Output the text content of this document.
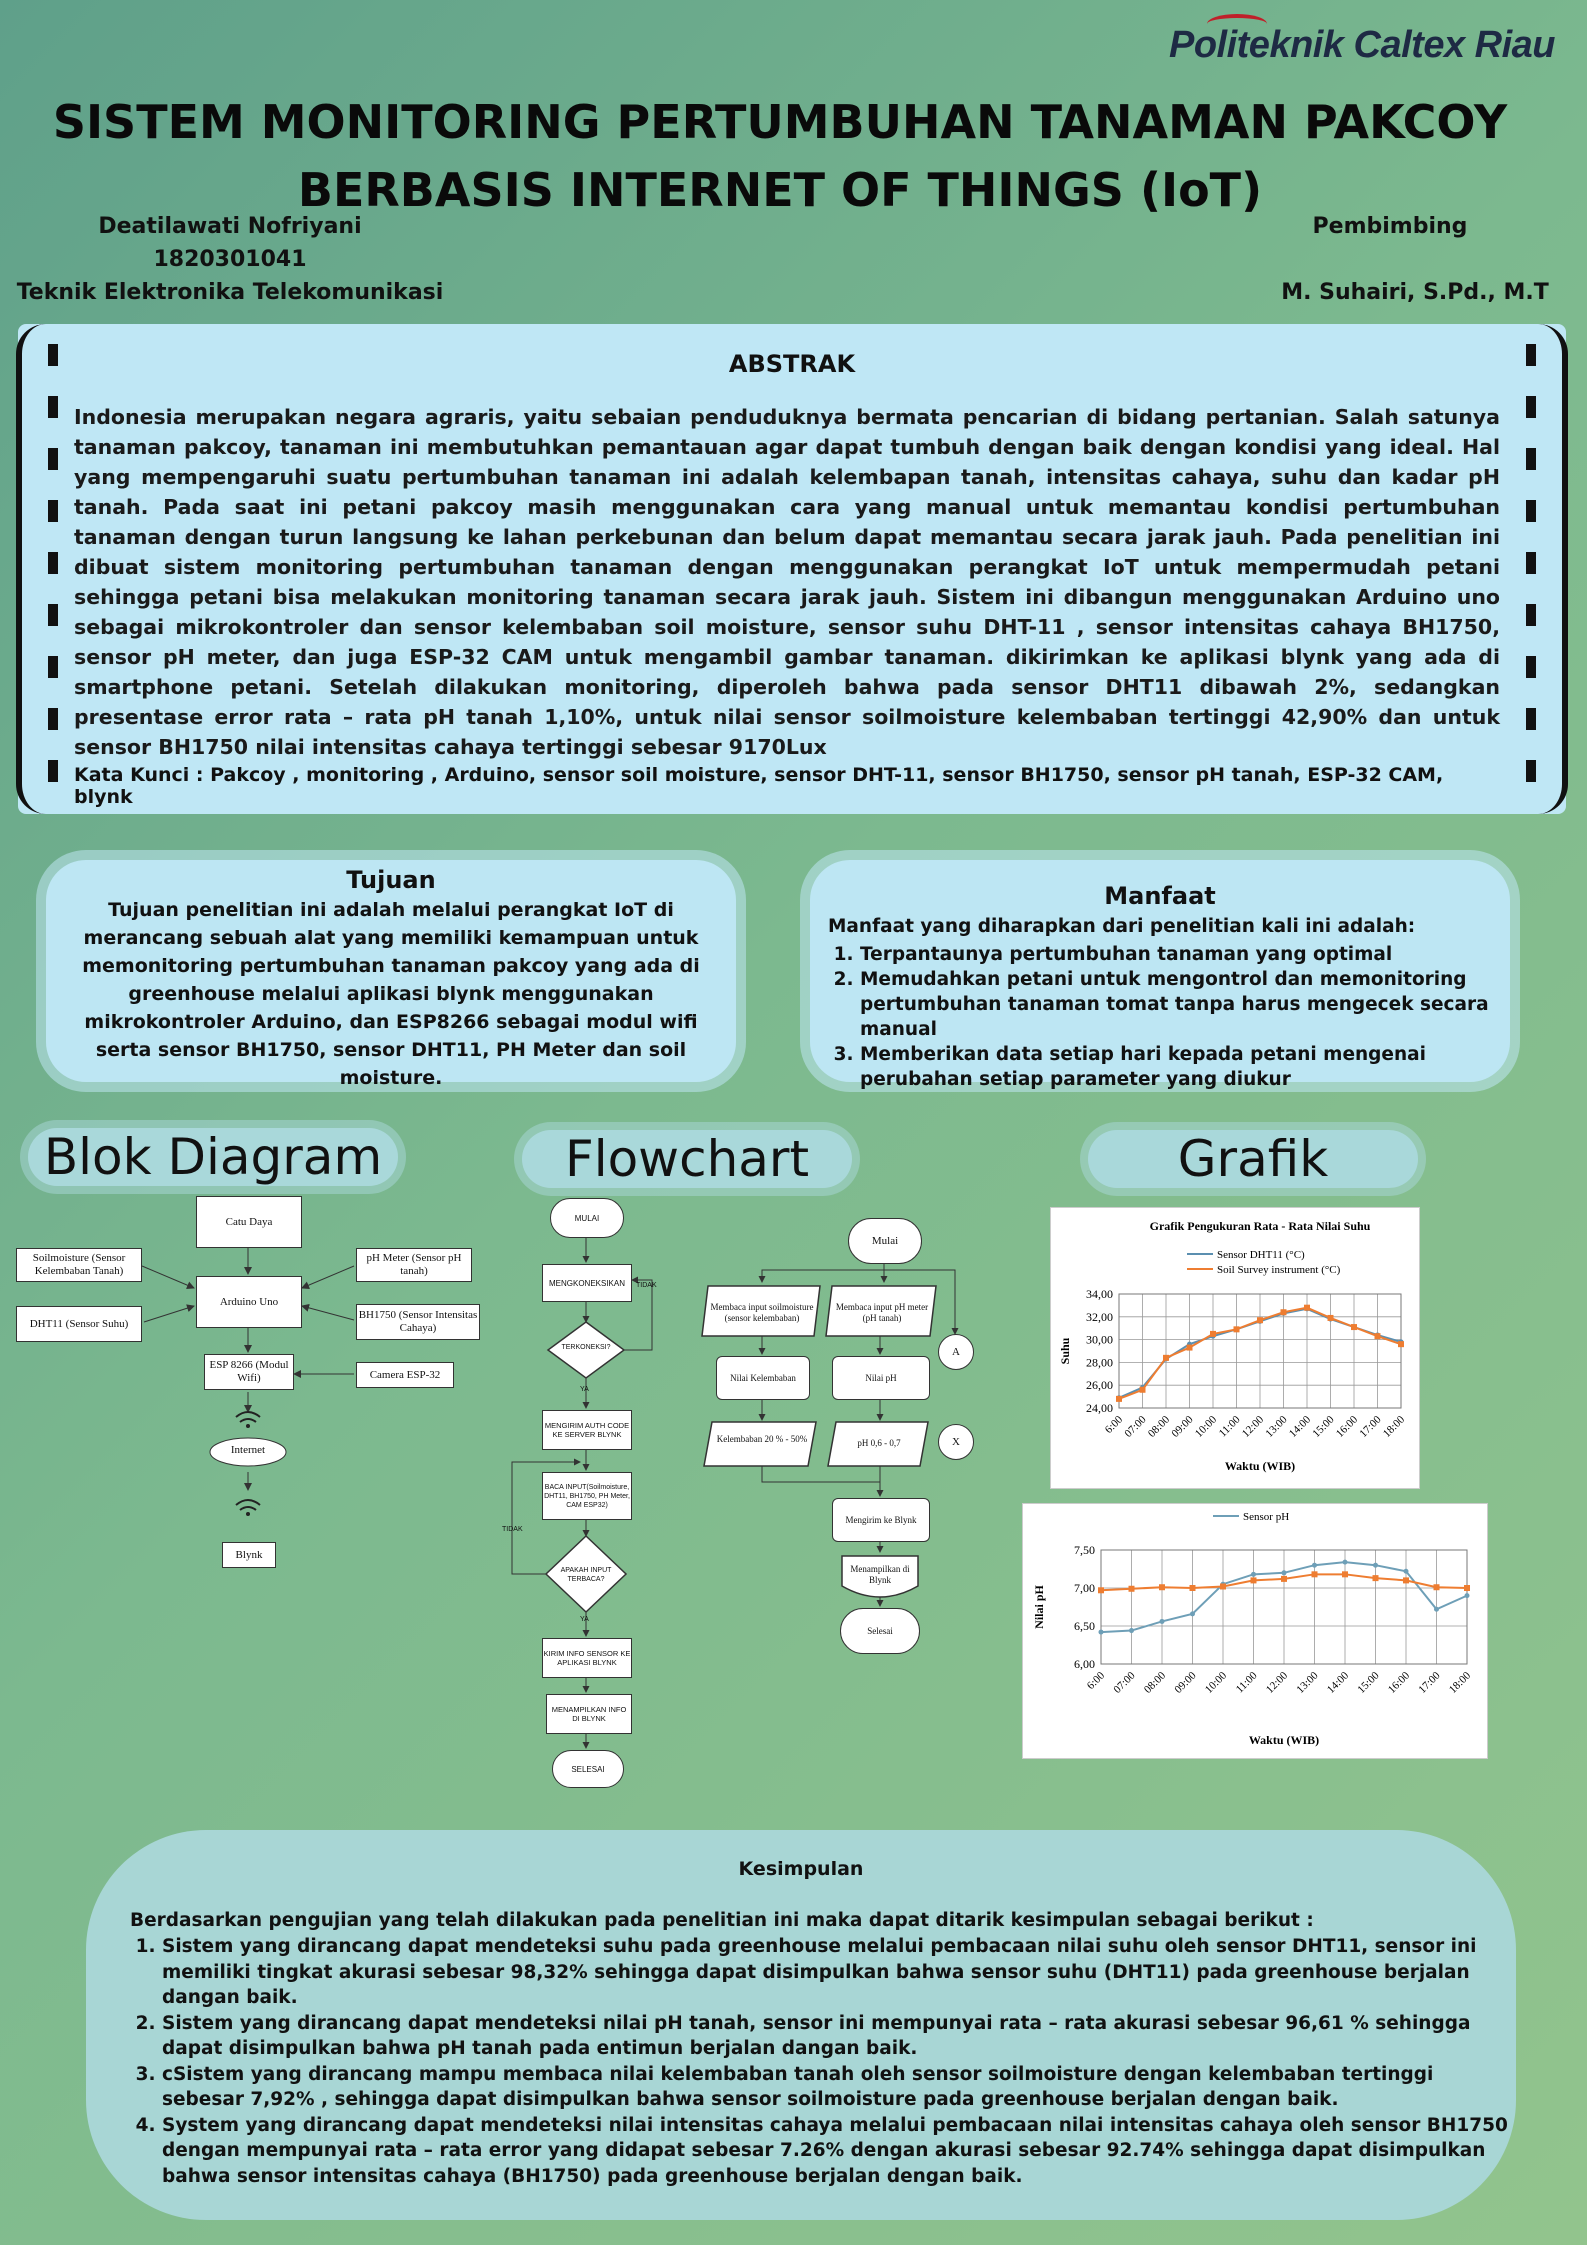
Politeknik Caltex Riau
SISTEM MONITORING PERTUMBUHAN TANAMAN PAKCOY
BERBASIS INTERNET OF THINGS (IoT)
Deatilawati Nofriyani
1820301041
Teknik Elektronika Telekomunikasi
Pembimbing
M. Suhairi, S.Pd., M.T
ABSTRAK
Indonesia merupakan negara agraris, yaitu sebaian penduduknya bermata pencarian di bidang pertanian. Salah satunya tanaman pakcoy, tanaman ini membutuhkan pemantauan agar dapat tumbuh dengan baik dengan kondisi yang ideal. Hal yang mempengaruhi suatu pertumbuhan tanaman ini adalah kelembapan tanah, intensitas cahaya, suhu dan kadar pH tanah. Pada saat ini petani pakcoy masih menggunakan cara yang manual untuk memantau kondisi pertumbuhan tanaman dengan turun langsung ke lahan perkebunan dan belum dapat memantau secara jarak jauh. Pada penelitian ini dibuat sistem monitoring pertumbuhan tanaman dengan menggunakan perangkat IoT untuk mempermudah petani sehingga petani bisa melakukan monitoring tanaman secara jarak jauh. Sistem ini dibangun menggunakan Arduino uno sebagai mikrokontroler dan sensor kelembaban soil moisture, sensor suhu DHT-11 , sensor intensitas cahaya BH1750, sensor pH meter, dan juga ESP-32 CAM untuk mengambil gambar tanaman. dikirimkan ke aplikasi blynk yang ada di smartphone petani. Setelah dilakukan monitoring, diperoleh bahwa pada sensor DHT11 dibawah 2%, sedangkan presentase error rata – rata pH tanah 1,10%, untuk nilai sensor soilmoisture kelembaban tertinggi 42,90% dan untuk sensor BH1750 nilai intensitas cahaya tertinggi sebesar 9170Lux
Kata Kunci : Pakcoy , monitoring , Arduino, sensor soil moisture, sensor DHT-11, sensor BH1750, sensor pH tanah, ESP-32 CAM, blynk
Tujuan
Tujuan penelitian ini adalah melalui perangkat IoT di merancang sebuah alat yang memiliki kemampuan untuk memonitoring pertumbuhan tanaman pakcoy yang ada di greenhouse melalui aplikasi blynk menggunakan mikrokontroler Arduino, dan ESP8266 sebagai modul wifi serta sensor BH1750, sensor DHT11, PH Meter dan soil moisture.
Manfaat
Manfaat yang diharapkan dari penelitian kali ini adalah:
1. Terpantaunya pertumbuhan tanaman yang optimal
2. Memudahkan petani untuk mengontrol dan memonitoring pertumbuhan tanaman tomat tanpa harus mengecek secara manual
3. Memberikan data setiap hari kepada petani mengenai perubahan setiap parameter yang diukur
Blok Diagram	Flowchart	Grafik
Catu Daya
Soilmoisture (Sensor Kelembaban Tanah)
DHT11 (Sensor Suhu)
Arduino Uno
pH Meter (Sensor pH tanah)
BH1750 (Sensor Intensitas Cahaya)
ESP 8266 (Modul Wifi)	Camera ESP-32
Internet
Blynk
MULAI
MENGKONEKSIKAN	TIDAK
TERKONEKSI?
YA
MENGIRIM AUTH CODE KE SERVER BLYNK
BACA INPUT(Soilmoisture, DHT11, BH1750, PH Meter, CAM ESP32)
TIDAK
APAKAH INPUT TERBACA?
YA
KIRIM INFO SENSOR KE APLIKASI BLYNK
MENAMPILKAN INFO DI BLYNK
SELESAI
Mulai
Membaca input soilmoisture (sensor kelembaban)
Membaca input pH meter (pH tanah)
A
Nilai Kelembaban	Nilai pH
Kelembaban 20 % - 50%	pH 0,6 - 0,7	X
Mengirim ke Blynk
Menampilkan di Blynk
Selesai
Grafik Pengukuran Rata - Rata Nilai Suhu
Sensor DHT11 (°C)
Soil Survey instrument (°C)
24,00
26,00
28,00
30,00
32,00
34,00
6:00
07:00
08:00
09:00
10:00
11:00
12:00
13:00
14:00
15:00
16:00
17:00
18:00
Waktu (WIB)
Suhu
Sensor pH
6,00
6,50
7,00
7,50
6:00 07:00 08:00 09:00 10:00 11:00 12:00 13:00 14:00 15:00 16:00 17:00 18:00
Waktu (WIB)
Nilai pH
Kesimpulan
Berdasarkan pengujian yang telah dilakukan pada penelitian ini maka dapat ditarik kesimpulan sebagai berikut :
1. Sistem yang dirancang dapat mendeteksi suhu pada greenhouse melalui pembacaan nilai suhu oleh sensor DHT11, sensor ini memiliki tingkat akurasi sebesar 98,32% sehingga dapat disimpulkan bahwa sensor suhu (DHT11) pada greenhouse berjalan dangan baik.
2. Sistem yang dirancang dapat mendeteksi nilai pH tanah, sensor ini mempunyai rata – rata akurasi sebesar 96,61 % sehingga dapat disimpulkan bahwa pH tanah pada entimun berjalan dangan baik.
3. cSistem yang dirancang mampu membaca nilai kelembaban tanah oleh sensor soilmoisture dengan kelembaban tertinggi sebesar 7,92% , sehingga dapat disimpulkan bahwa sensor soilmoisture pada greenhouse berjalan dengan baik.
4. System yang dirancang dapat mendeteksi nilai intensitas cahaya melalui pembacaan nilai intensitas cahaya oleh sensor BH1750 dengan mempunyai rata – rata error yang didapat sebesar 7.26% dengan akurasi sebesar 92.74% sehingga dapat disimpulkan bahwa sensor intensitas cahaya (BH1750) pada greenhouse berjalan dengan baik.
